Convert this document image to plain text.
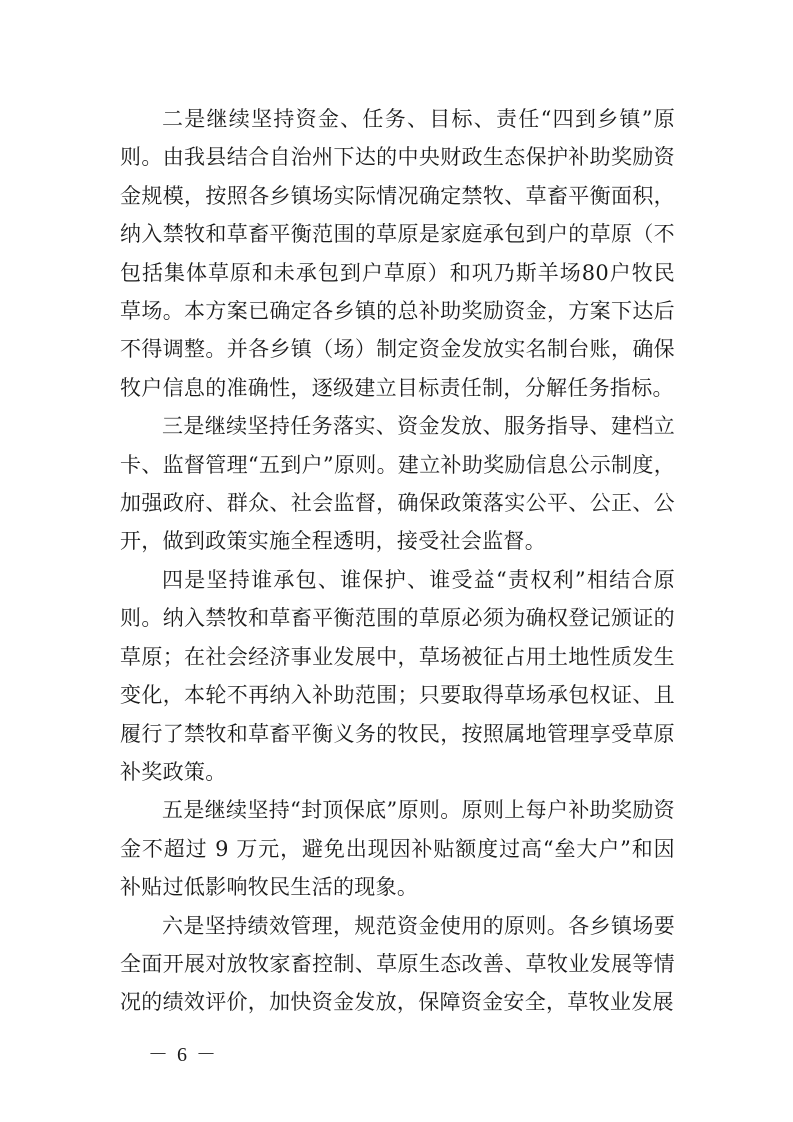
二是继续坚持资金、任务、目标、责任“四到乡镇”原则。由我县结合自治州下达的中央财政生态保护补助奖励资金规模，按照各乡镇场实际情况确定禁牧、草畜平衡面积，纳入禁牧和草畜平衡范围的草原是家庭承包到户的草原（不包括集体草原和未承包到户草原）和巩乃斯羊场80户牧民草场。本方案已确定各乡镇的总补助奖励资金，方案下达后不得调整。并各乡镇（场）制定资金发放实名制台账，确保牧户信息的准确性，逐级建立目标责任制，分解任务指标。

三是继续坚持任务落实、资金发放、服务指导、建档立卡、监督管理“五到户”原则。建立补助奖励信息公示制度，加强政府、群众、社会监督，确保政策落实公平、公正、公开，做到政策实施全程透明，接受社会监督。

四是坚持谁承包、谁保护、谁受益“责权利”相结合原则。纳入禁牧和草畜平衡范围的草原必须为确权登记颁证的草原；在社会经济事业发展中，草场被征占用土地性质发生变化，本轮不再纳入补助范围；只要取得草场承包权证、且履行了禁牧和草畜平衡义务的牧民，按照属地管理享受草原补奖政策。

五是继续坚持“封顶保底”原则。原则上每户补助奖励资金不超过 9 万元，避免出现因补贴额度过高“垒大户”和因补贴过低影响牧民生活的现象。

六是坚持绩效管理，规范资金使用的原则。各乡镇场要全面开展对放牧家畜控制、草原生态改善、草牧业发展等情况的绩效评价，加快资金发放，保障资金安全，草牧业发展

－ 6 －
